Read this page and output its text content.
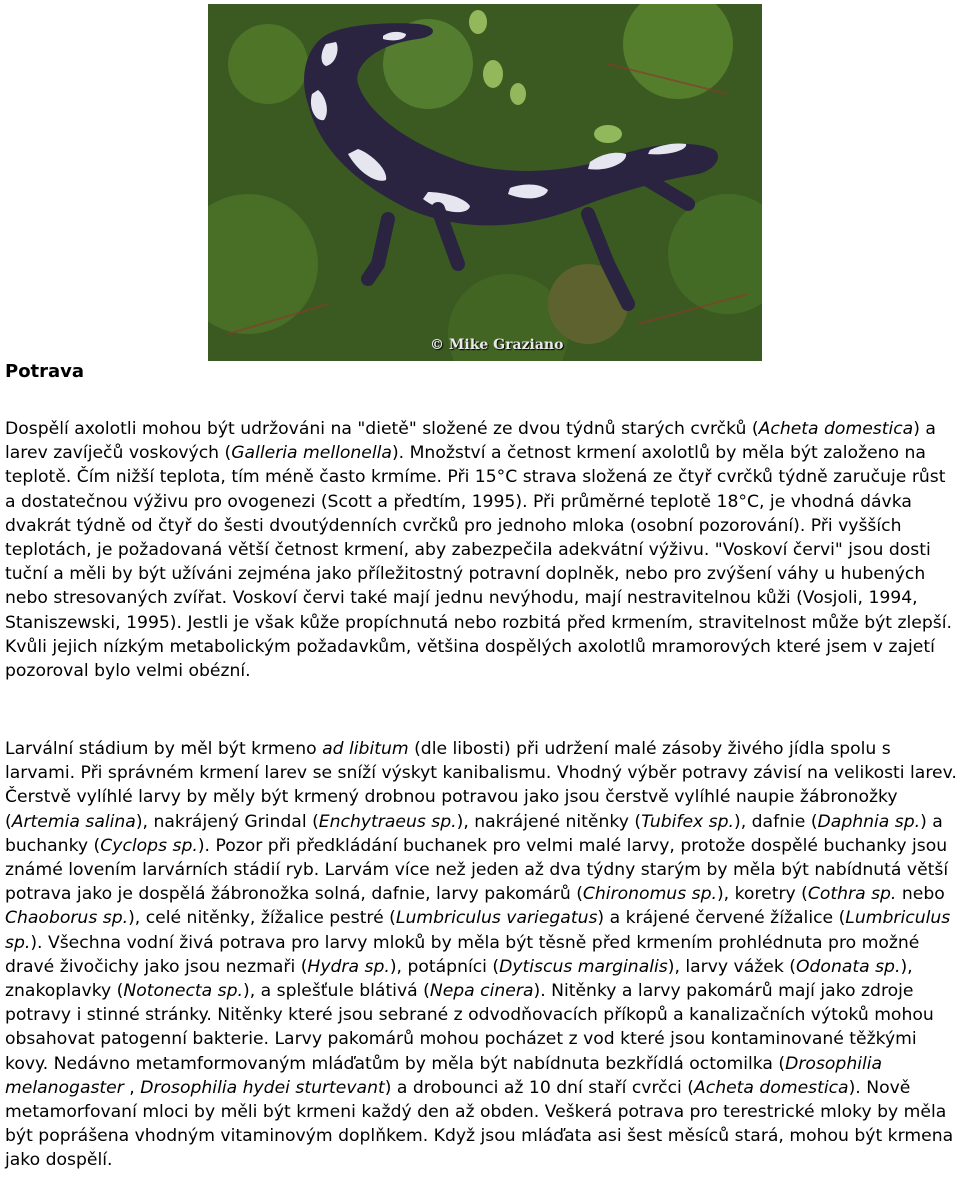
© Mike Graziano
Potrava

Dospělí axolotli mohou být udržováni na "dietě" složené ze dvou týdnů starých cvrčků (Acheta domestica) a larev zavíječů voskových (Galleria mellonella). Množství a četnost krmení axolotlů by měla být založeno na teplotě. Čím nižší teplota, tím méně často krmíme. Při 15°C strava složená ze čtyř cvrčků týdně zaručuje růst a dostatečnou výživu pro ovogenezi (Scott a předtím, 1995). Při průměrné teplotě 18°C, je vhodná dávka dvakrát týdně od čtyř do šesti dvoutýdenních cvrčků pro jednoho mloka (osobní pozorování). Při vyšších teplotách, je požadovaná větší četnost krmení, aby zabezpečila adekvátní výživu. "Voskoví červi" jsou dosti tuční a měli by být užíváni zejména jako příležitostný potravní doplněk, nebo pro zvýšení váhy u hubených nebo stresovaných zvířat. Voskoví červi také mají jednu nevýhodu, mají nestravitelnou kůži (Vosjoli, 1994, Staniszewski, 1995). Jestli je však kůže propíchnutá nebo rozbitá před krmením, stravitelnost může být zlepší. Kvůli jejich nízkým metabolickým požadavkům, většina dospělých axolotlů mramorových které jsem v zajetí pozoroval bylo velmi obézní.

Larvální stádium by měl být krmeno ad libitum (dle libosti) při udržení malé zásoby živého jídla spolu s larvami. Při správném krmení larev se sníží výskyt kanibalismu. Vhodný výběr potravy závisí na velikosti larev. Čerstvě vylíhlé larvy by měly být krmený drobnou potravou jako jsou čerstvě vylíhlé naupie žábronožky (Artemia salina), nakrájený Grindal (Enchytraeus sp.), nakrájené nitěnky (Tubifex sp.), dafnie (Daphnia sp.) a buchanky (Cyclops sp.). Pozor při předkládání buchanek pro velmi malé larvy, protože dospělé buchanky jsou známé lovením larvárních stádií ryb. Larvám více než jeden až dva týdny starým by měla být nabídnutá větší potrava jako je dospělá žábronožka solná, dafnie, larvy pakomárů (Chironomus sp.), koretry (Cothra sp. nebo Chaoborus sp.), celé nitěnky, žížalice pestré (Lumbriculus variegatus) a krájené červené žížalice (Lumbriculus sp.). Všechna vodní živá potrava pro larvy mloků by měla být těsně před krmením prohlédnuta pro možné dravé živočichy jako jsou nezmaři (Hydra sp.), potápníci (Dytiscus marginalis), larvy vážek (Odonata sp.), znakoplavky (Notonecta sp.), a splešťule blátivá (Nepa cinera). Nitěnky a larvy pakomárů mají jako zdroje potravy i stinné stránky. Nitěnky které jsou sebrané z odvodňovacích příkopů a kanalizačních výtoků mohou obsahovat patogenní bakterie. Larvy pakomárů mohou pocházet z vod které jsou kontaminované těžkými kovy. Nedávno metamformovaným mláďatům by měla být nabídnuta bezkřídlá octomilka (Drosophilia melanogaster , Drosophilia hydei sturtevant) a drobounci až 10 dní staří cvrčci (Acheta domestica). Nově metamorfovaní mloci by měli být krmeni každý den až obden. Veškerá potrava pro terestrické mloky by měla být poprášena vhodným vitaminovým doplňkem. Když jsou mláďata asi šest měsíců stará, mohou být krmena jako dospělí.
